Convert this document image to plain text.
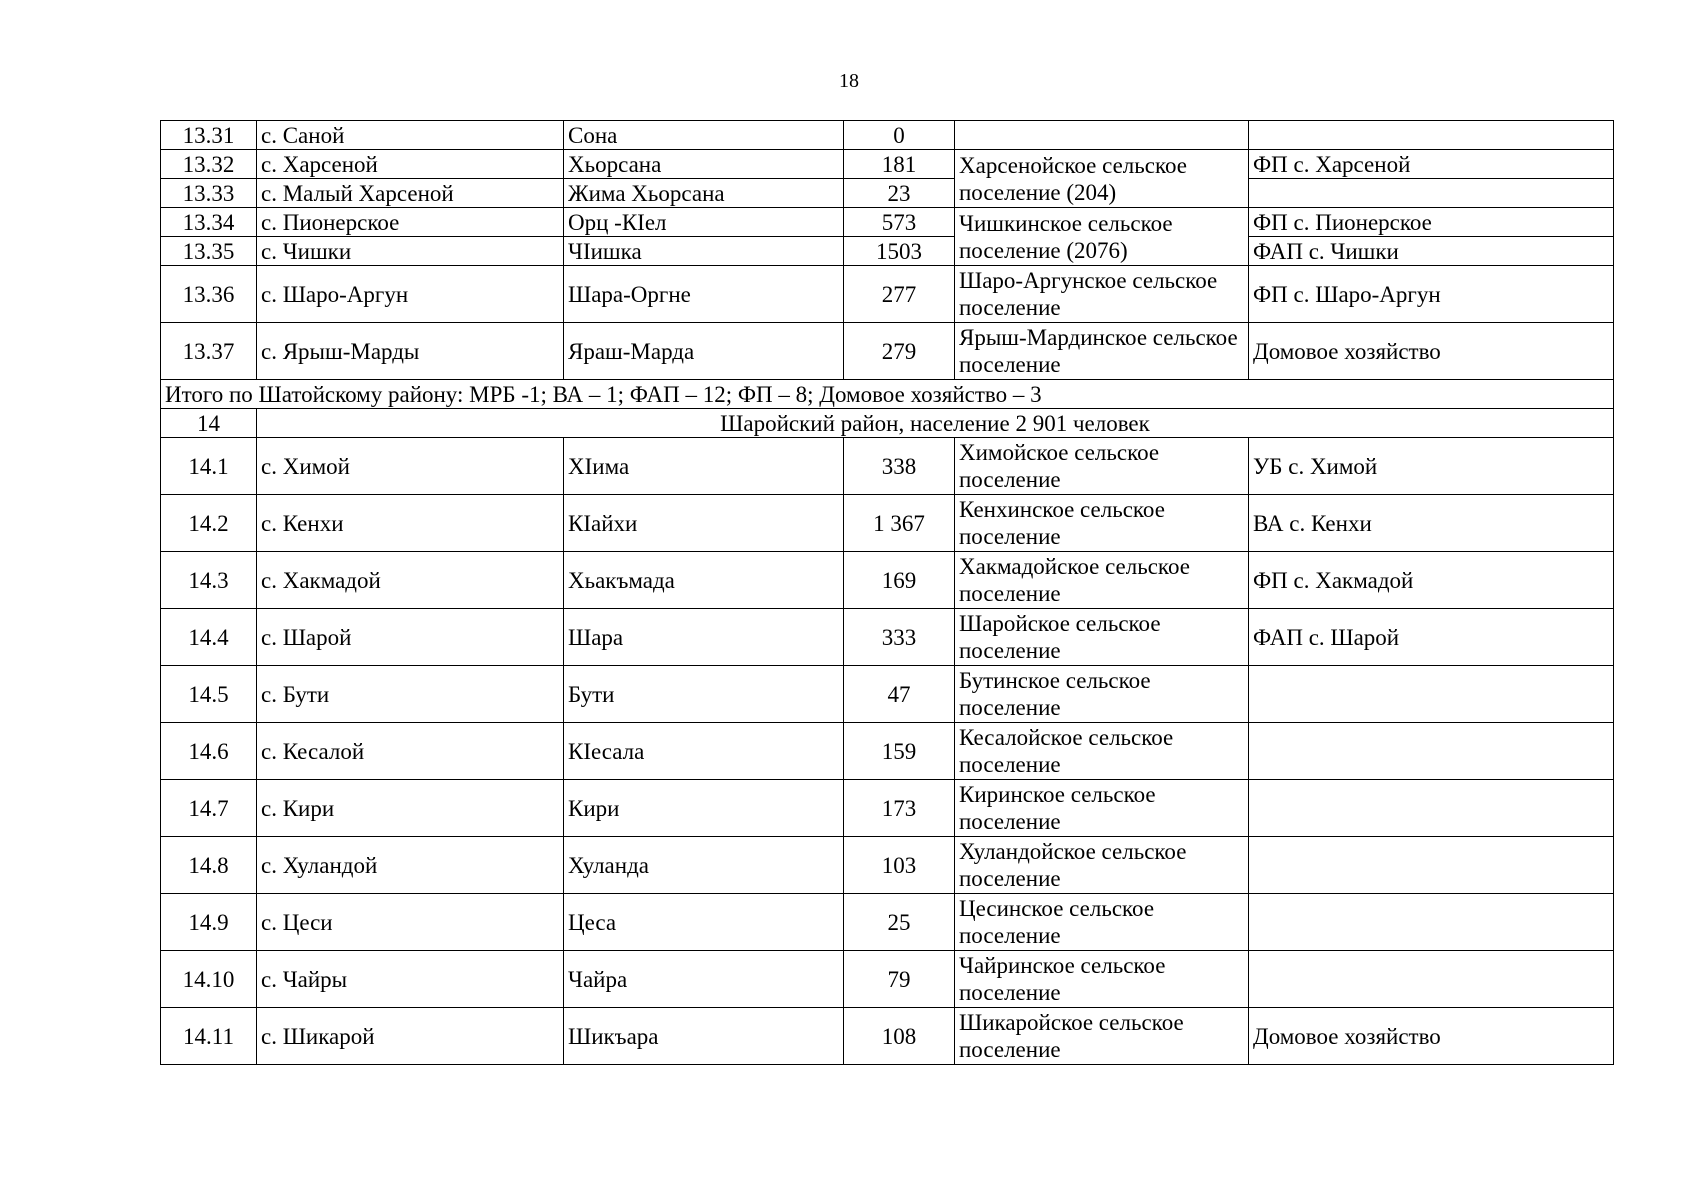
18
13.31	с. Саной	Сона	0		
13.32	с. Харсеной	Хьорсана	181	Харсенойское сельское поселение (204)	ФП с. Харсеной
13.33	с. Малый Харсеной	Жима Хьорсана	23		
13.34	с. Пионерское	Орц -КIел	573	Чишкинское сельское поселение (2076)	ФП с. Пионерское
13.35	с. Чишки	ЧIишка	1503		ФАП с. Чишки
13.36	с. Шаро-Аргун	Шара-Оргне	277	Шаро-Аргунское сельское поселение	ФП с. Шаро-Аргун
13.37	с. Ярыш-Марды	Яраш-Марда	279	Ярыш-Мардинское сельское поселение	Домовое хозяйство
Итого по Шатойскому району: МРБ -1; ВА – 1; ФАП – 12; ФП – 8; Домовое хозяйство – 3					
14	Шаройский район, население 2 901 человек				
14.1	с. Химой	ХIима	338	Химойское сельское поселение	УБ с. Химой
14.2	с. Кенхи	КIайхи	1 367	Кенхинское сельское поселение	ВА с. Кенхи
14.3	с. Хакмадой	Хьакъмада	169	Хакмадойское сельское поселение	ФП с. Хакмадой
14.4	с. Шарой	Шара	333	Шаройское сельское поселение	ФАП с. Шарой
14.5	с. Бути	Бути	47	Бутинское сельское поселение	
14.6	с. Кесалой	КIесала	159	Кесалойское сельское поселение	
14.7	с. Кири	Кири	173	Киринское сельское поселение	
14.8	с. Хуландой	Хуланда	103	Хуландойское сельское поселение	
14.9	с. Цеси	Цеса	25	Цесинское сельское поселение	
14.10	с. Чайры	Чайра	79	Чайринское сельское поселение	
14.11	с. Шикарой	Шикъара	108	Шикаройское сельское поселение	Домовое хозяйство
